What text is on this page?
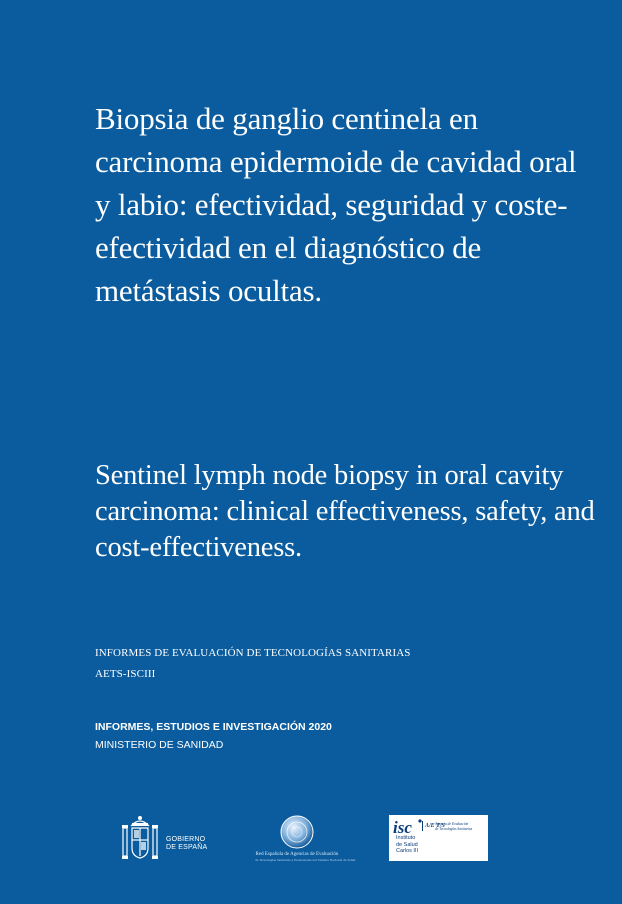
Biopsia de ganglio centinela en carcinoma epidermoide de cavidad oral y labio: efectividad, seguridad y coste-efectividad en el diagnóstico de metástasis ocultas.
Sentinel lymph node biopsy in oral cavity carcinoma: clinical effectiveness, safety, and cost-effectiveness.
INFORMES DE EVALUACIÓN DE TECNOLOGÍAS SANITARIAS
AETS-ISCIII
INFORMES, ESTUDIOS E INVESTIGACIÓN 2020
MINISTERIO DE SANIDAD
GOBIERNO
DE ESPAÑA
Red Española de Agencias de Evaluación
de Tecnologías Sanitarias y Prestaciones del Sistema Nacional de Salud
isc
Instituto
de Salud
Carlos III
A/E T/S
Agencia de Evaluación
de Tecnologías Sanitarias
